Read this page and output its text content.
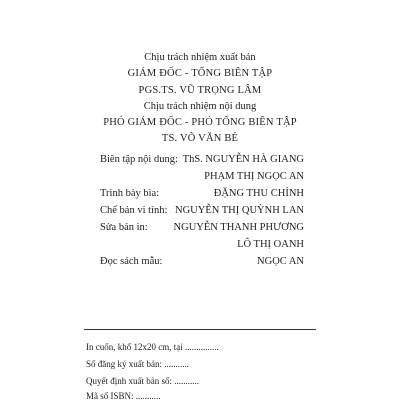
Chịu trách nhiệm xuất bản
GIÁM ĐỐC - TỔNG BIÊN TẬP
PGS.TS. VŨ TRỌNG LÂM
Chịu trách nhiệm nội dung
PHÓ GIÁM ĐỐC - PHÓ TỔNG BIÊN TẬP
TS. VÕ VĂN BÉ
Biên tập nội dung: ThS. NGUYỄN HÀ GIANG
PHẠM THỊ NGỌC AN
Trình bày bìa:	ĐẶNG THU CHỈNH
Chế bản vi tính: NGUYỄN THỊ QUỲNH LAN
Sửa bản in: NGUYỄN THANH PHƯƠNG
LÔ THỊ OANH
Đọc sách mẫu:	NGỌC AN
In cuốn, khổ 12x20 cm, tại ...............
Số đăng ký xuất bản: ...........
Quyết định xuất bản số: ...........
Mã số ISBN: ...........
